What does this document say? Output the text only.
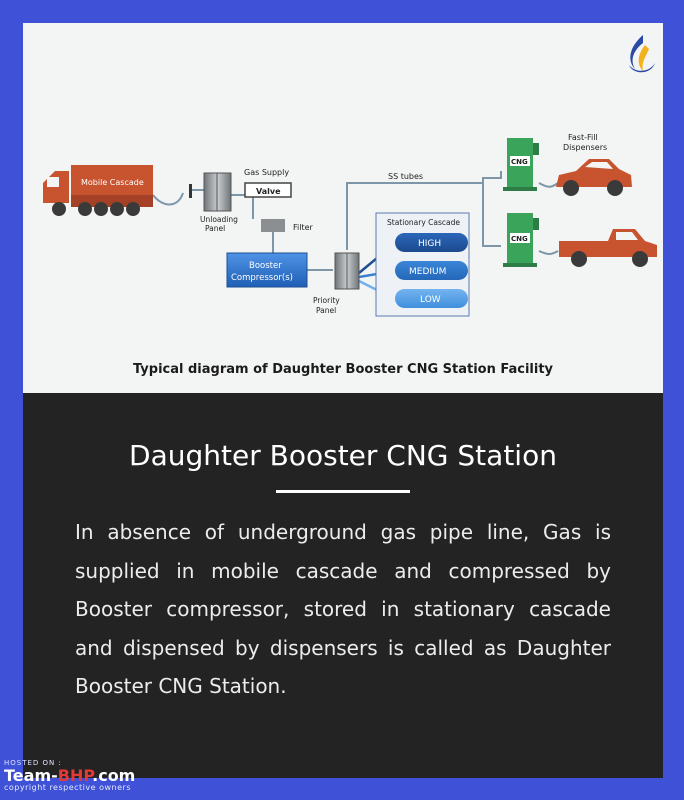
Mobile Cascade
Unloading
Panel
Gas Supply
Valve
Filter
Booster
Compressor(s)
Priority
Panel
SS tubes
Stationary Cascade
HIGH
MEDIUM
LOW
CNG
CNG
Fast-Fill
Dispensers
Typical diagram of Daughter Booster CNG Station Facility
Daughter Booster CNG Station
In absence of underground gas pipe line, Gas is supplied in mobile cascade and compressed by Booster compressor, stored in stationary cascade and dispensed by dispensers is called as Daughter Booster CNG Station.
HOSTED ON :
Team-BHP.com
copyright respective owners
